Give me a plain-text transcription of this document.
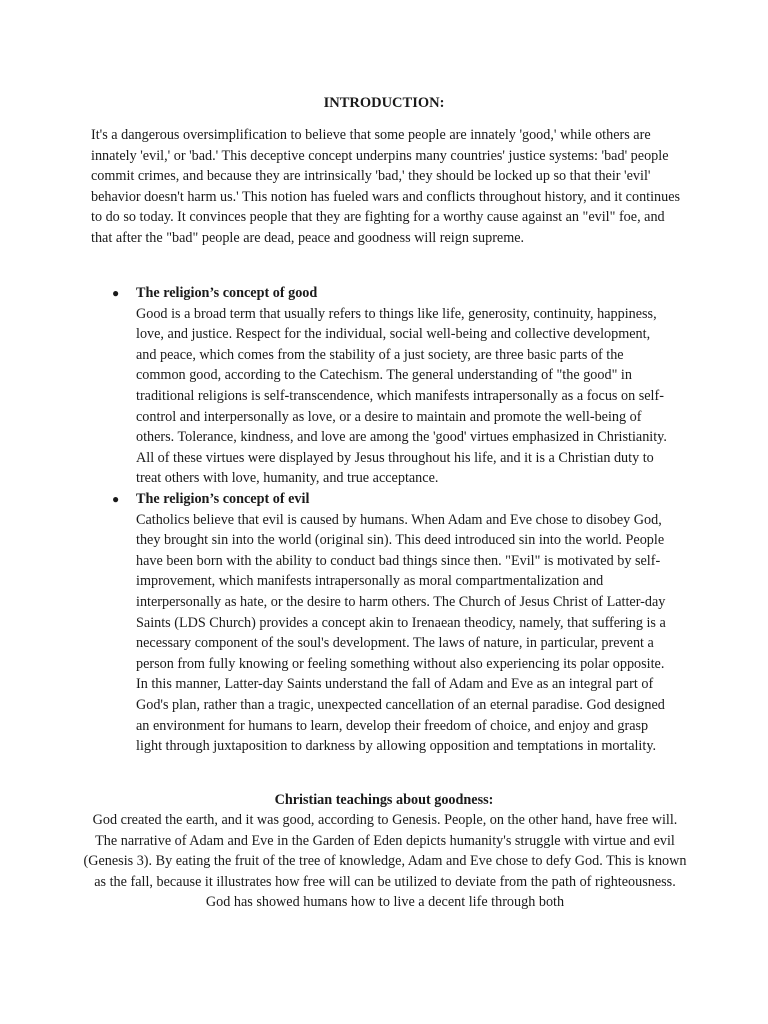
INTRODUCTION:
It's a dangerous oversimplification to believe that some people are innately 'good,' while others are innately 'evil,' or 'bad.' This deceptive concept underpins many countries' justice systems: 'bad' people commit crimes, and because they are intrinsically 'bad,' they should be locked up so that their 'evil' behavior doesn't harm us.' This notion has fueled wars and conflicts throughout history, and it continues to do so today. It convinces people that they are fighting for a worthy cause against an "evil" foe, and that after the "bad" people are dead, peace and goodness will reign supreme.
●	The religion’s concept of good
Good is a broad term that usually refers to things like life, generosity, continuity, happiness, love, and justice. Respect for the individual, social well-being and collective development, and peace, which comes from the stability of a just society, are three basic parts of the common good, according to the Catechism. The general understanding of "the good" in traditional religions is self-transcendence, which manifests intrapersonally as a focus on self-control and interpersonally as love, or a desire to maintain and promote the well-being of others. Tolerance, kindness, and love are among the 'good' virtues emphasized in Christianity. All of these virtues were displayed by Jesus throughout his life, and it is a Christian duty to treat others with love, humanity, and true acceptance.
●	The religion’s concept of evil
Catholics believe that evil is caused by humans. When Adam and Eve chose to disobey God, they brought sin into the world (original sin). This deed introduced sin into the world. People have been born with the ability to conduct bad things since then. "Evil" is motivated by self-improvement, which manifests intrapersonally as moral compartmentalization and interpersonally as hate, or the desire to harm others. The Church of Jesus Christ of Latter-day Saints (LDS Church) provides a concept akin to Irenaean theodicy, namely, that suffering is a necessary component of the soul's development. The laws of nature, in particular, prevent a person from fully knowing or feeling something without also experiencing its polar opposite. In this manner, Latter-day Saints understand the fall of Adam and Eve as an integral part of God's plan, rather than a tragic, unexpected cancellation of an eternal paradise. God designed an environment for humans to learn, develop their freedom of choice, and enjoy and grasp light through juxtaposition to darkness by allowing opposition and temptations in mortality.
Christian teachings about goodness:
God created the earth, and it was good, according to Genesis. People, on the other hand, have free will. The narrative of Adam and Eve in the Garden of Eden depicts humanity's struggle with virtue and evil (Genesis 3). By eating the fruit of the tree of knowledge, Adam and Eve chose to defy God. This is known as the fall, because it illustrates how free will can be utilized to deviate from the path of righteousness. God has showed humans how to live a decent life through both
